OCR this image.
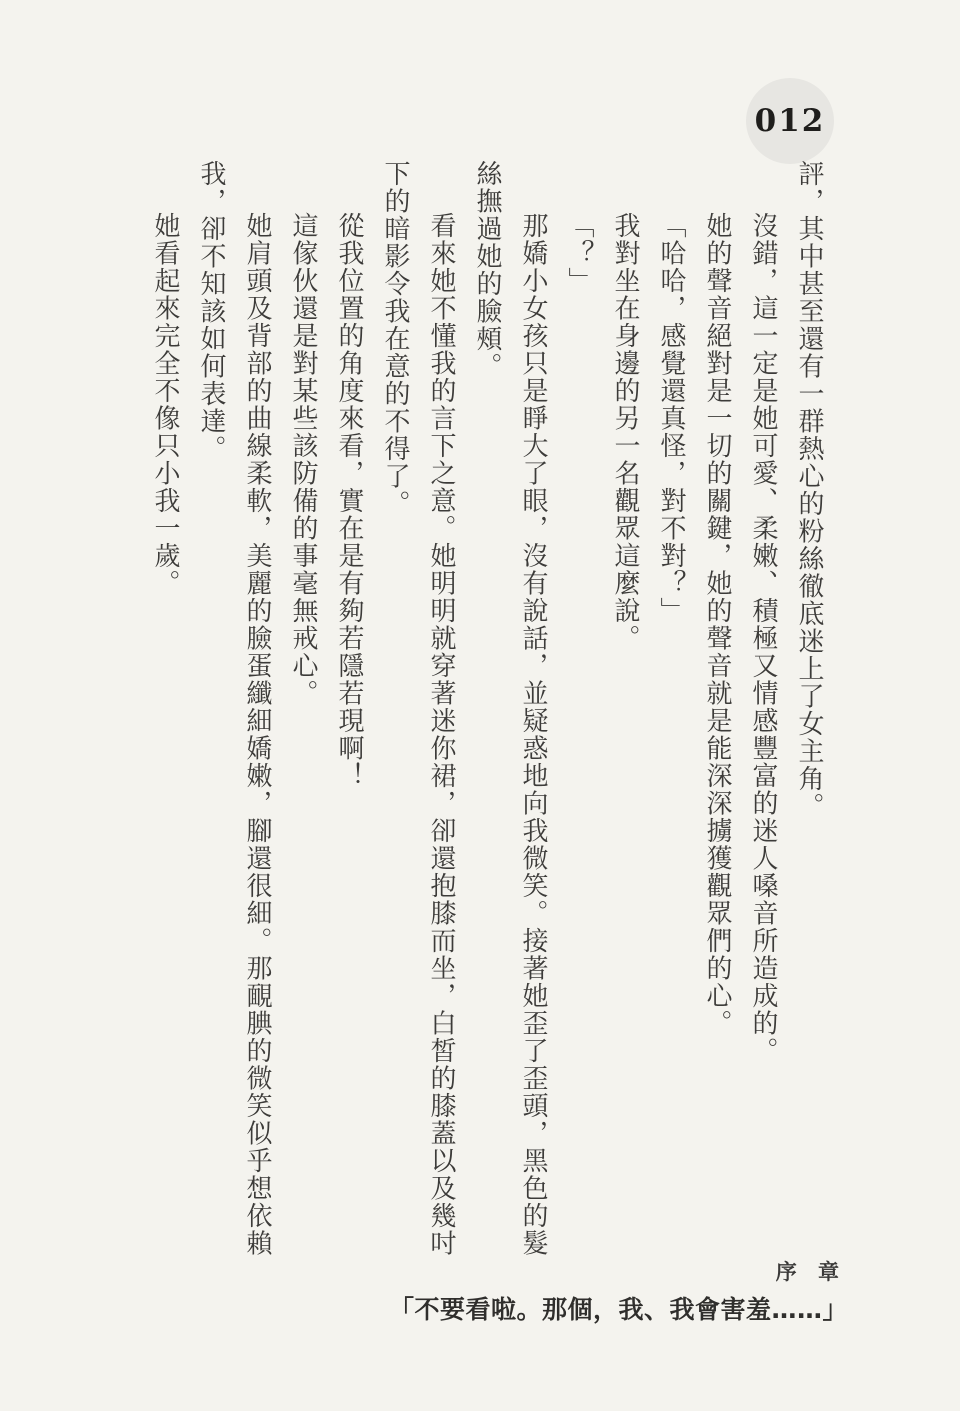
012

評，其中甚至還有一群熱心的粉絲徹底迷上了女主角。

沒錯，這一定是她可愛、柔嫩、積極又情感豐富的迷人嗓音所造成的。

她的聲音絕對是一切的關鍵，她的聲音就是能深深擄獲觀眾們的心。

「哈哈，感覺還真怪，對不對？」

我對坐在身邊的另一名觀眾這麼說。

「？」

那嬌小女孩只是睜大了眼，沒有說話，並疑惑地向我微笑。接著她歪了歪頭，黑色的髮絲撫過她的臉頰。

看來她不懂我的言下之意。她明明就穿著迷你裙，卻還抱膝而坐，白皙的膝蓋以及幾吋下的暗影令我在意的不得了。

從我位置的角度來看，實在是有夠若隱若現啊！

這傢伙還是對某些該防備的事毫無戒心。

她肩頭及背部的曲線柔軟，美麗的臉蛋纖細嬌嫩，腳還很細。那靦腆的微笑似乎想依賴我，卻不知該如何表達。

她看起來完全不像只小我一歲。

序 章
「不要看啦。那個，我、我會害羞……」
